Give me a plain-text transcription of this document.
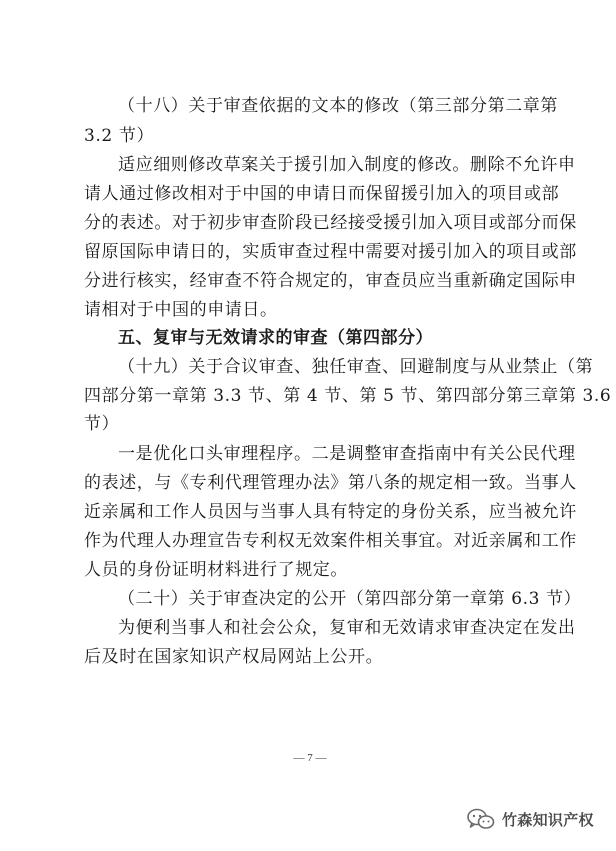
（十八）关于审查依据的文本的修改（第三部分第二章第
3.2 节）
适应细则修改草案关于援引加入制度的修改。删除不允许申
请人通过修改相对于中国的申请日而保留援引加入的项目或部
分的表述。对于初步审查阶段已经接受援引加入项目或部分而保
留原国际申请日的，实质审查过程中需要对援引加入的项目或部
分进行核实，经审查不符合规定的，审查员应当重新确定国际申
请相对于中国的申请日。
五、复审与无效请求的审查（第四部分）
（十九）关于合议审查、独任审查、回避制度与从业禁止（第
四部分第一章第 3.3 节、第 4 节、第 5 节、第四部分第三章第 3.6
节）
一是优化口头审理程序。二是调整审查指南中有关公民代理
的表述，与《专利代理管理办法》第八条的规定相一致。当事人
近亲属和工作人员因与当事人具有特定的身份关系，应当被允许
作为代理人办理宣告专利权无效案件相关事宜。对近亲属和工作
人员的身份证明材料进行了规定。
（二十）关于审查决定的公开（第四部分第一章第 6.3 节）
为便利当事人和社会公众，复审和无效请求审查决定在发出
后及时在国家知识产权局网站上公开。
— 7 —
竹森知识产权
